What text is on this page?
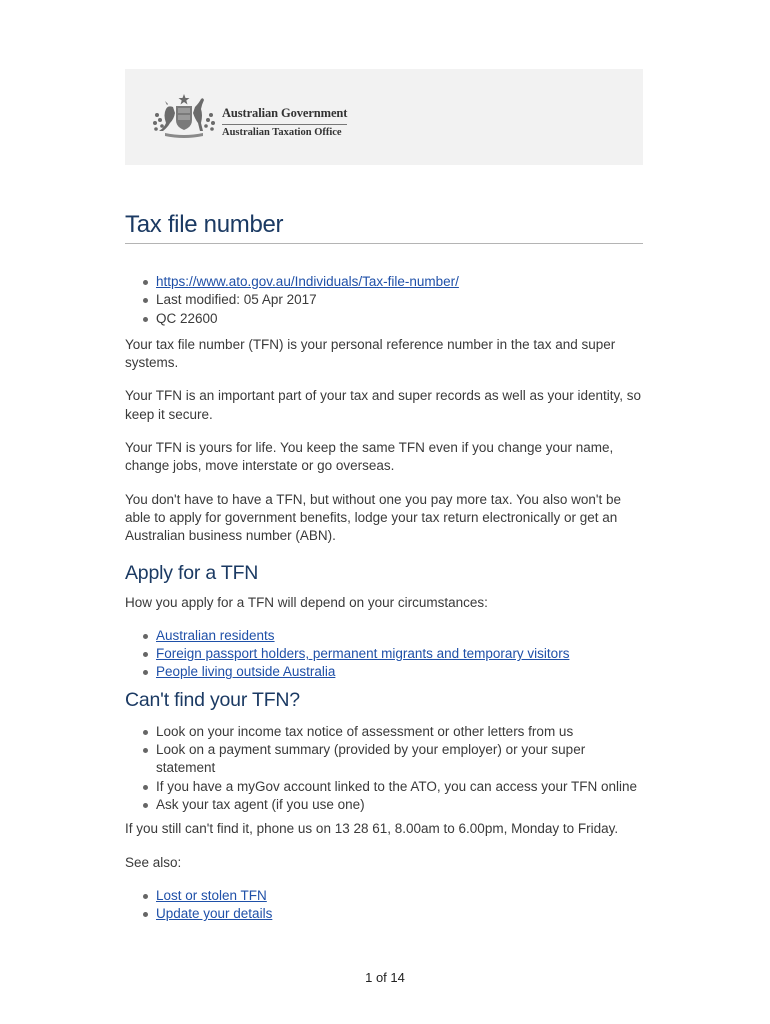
Australian Government
Australian Taxation Office
Tax file number
https://www.ato.gov.au/Individuals/Tax-file-number/
Last modified: 05 Apr 2017
QC 22600

Your tax file number (TFN) is your personal reference number in the tax and super systems.

Your TFN is an important part of your tax and super records as well as your identity, so keep it secure.

Your TFN is yours for life. You keep the same TFN even if you change your name, change jobs, move interstate or go overseas.

You don't have to have a TFN, but without one you pay more tax. You also won't be able to apply for government benefits, lodge your tax return electronically or get an Australian business number (ABN).

Apply for a TFN

How you apply for a TFN will depend on your circumstances:

Australian residents
Foreign passport holders, permanent migrants and temporary visitors
People living outside Australia
Can't find your TFN?
Look on your income tax notice of assessment or other letters from us
Look on a payment summary (provided by your employer) or your super statement
If you have a myGov account linked to the ATO, you can access your TFN online
Ask your tax agent (if you use one)

If you still can't find it, phone us on 13 28 61, 8.00am to 6.00pm, Monday to Friday.

See also:

Lost or stolen TFN
Update your details
1 of 14
